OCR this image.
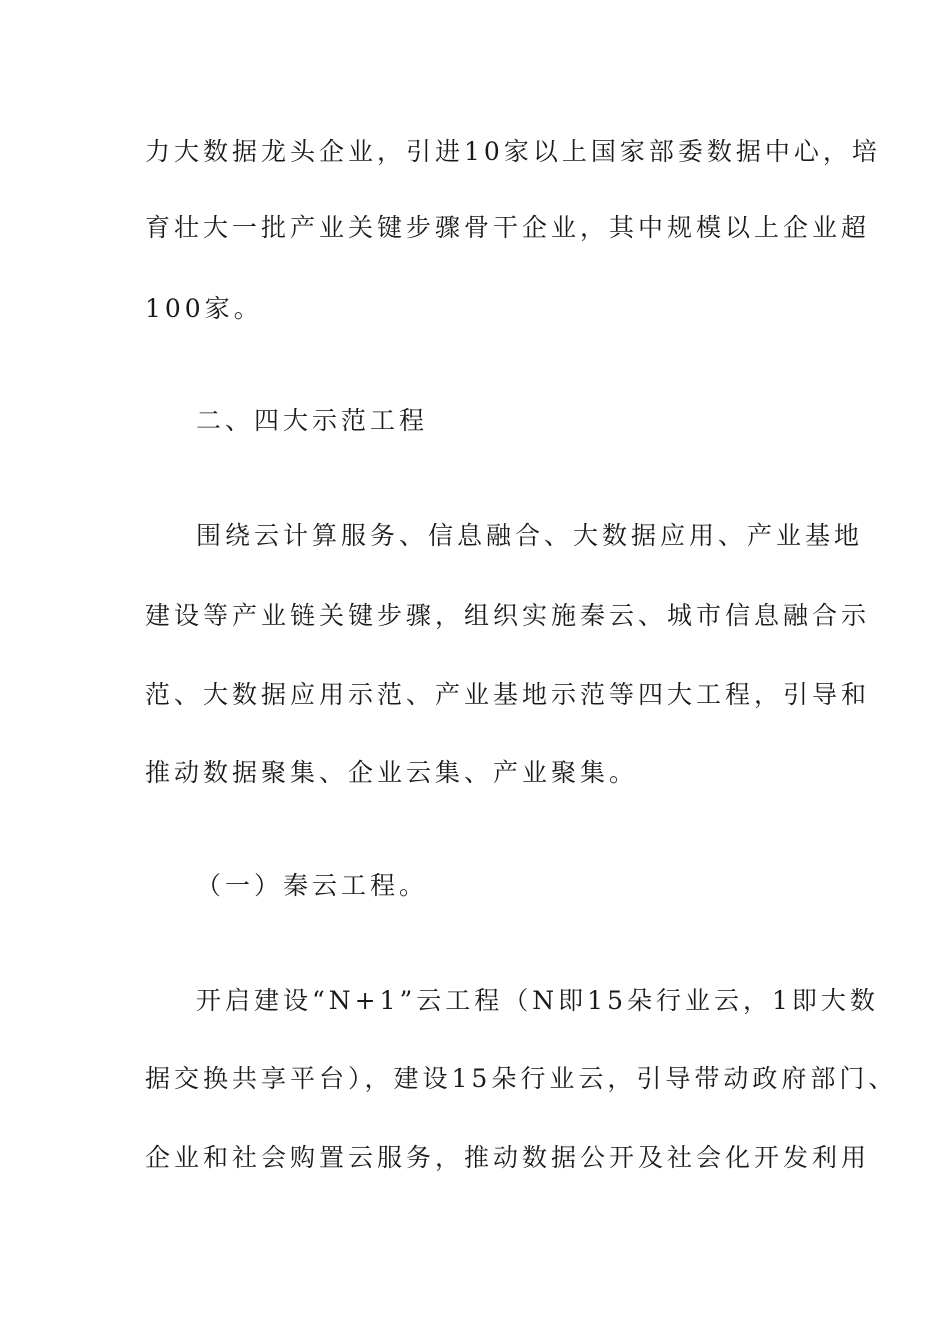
力大数据龙头企业，引进10家以上国家部委数据中心，培
育壮大一批产业关键步骤骨干企业，其中规模以上企业超
100家。
二、四大示范工程
围绕云计算服务、信息融合、大数据应用、产业基地
建设等产业链关键步骤，组织实施秦云、城市信息融合示
范、大数据应用示范、产业基地示范等四大工程，引导和
推动数据聚集、企业云集、产业聚集。
（一）秦云工程。
开启建设“N+1”云工程（N即15朵行业云，1即大数
据交换共享平台），建设15朵行业云，引导带动政府部门、
企业和社会购置云服务，推动数据公开及社会化开发利用
